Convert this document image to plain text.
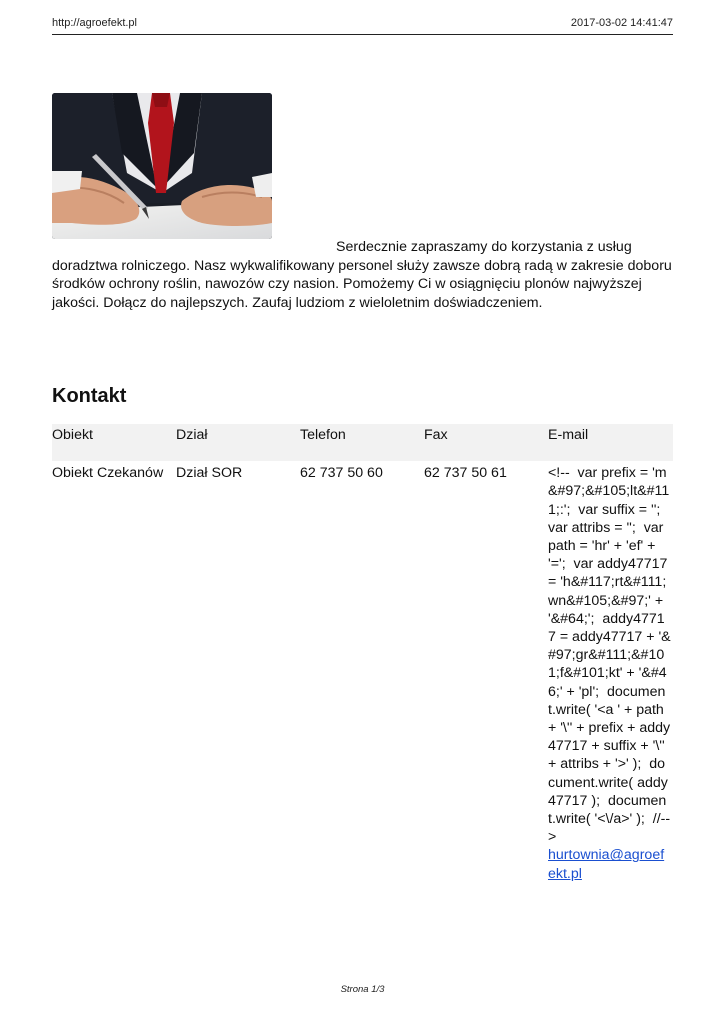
http://agroefekt.pl	2017-03-02 14:41:47

Serdecznie zapraszamy do korzystania z usług doradztwa rolniczego. Nasz wykwalifikowany personel służy zawsze dobrą radą w zakresie doboru środków ochrony roślin, nawozów czy nasion. Pomożemy Ci w osiągnięciu plonów najwyższej jakości. Dołącz do najlepszych. Zaufaj ludziom z wieloletnim doświadczeniem.

Kontakt
Obiekt	Dział	Telefon	Fax	E-mail
Obiekt Czekanów	Dział SOR	62 737 50 60	62 737 50 61	<!--  var prefix = 'm&#97;&#105;lt&#111;:';  var suffix = '';  var attribs = '';  var path = 'hr' + 'ef' + '=';  var addy47717 = 'h&#117;rt&#111;wn&#105;&#97;' + '&#64;';  addy47717 = addy47717 + '&#97;gr&#111;&#101;f&#101;kt' + '&#46;' + 'pl';  document.write( '<a ' + path + '\'' + prefix + addy47717 + suffix + '\'' + attribs + '>' );  document.write( addy47717 );  document.write( '<\/a>' );  //-->
hurtownia@agroefekt.pl
Strona 1/3
